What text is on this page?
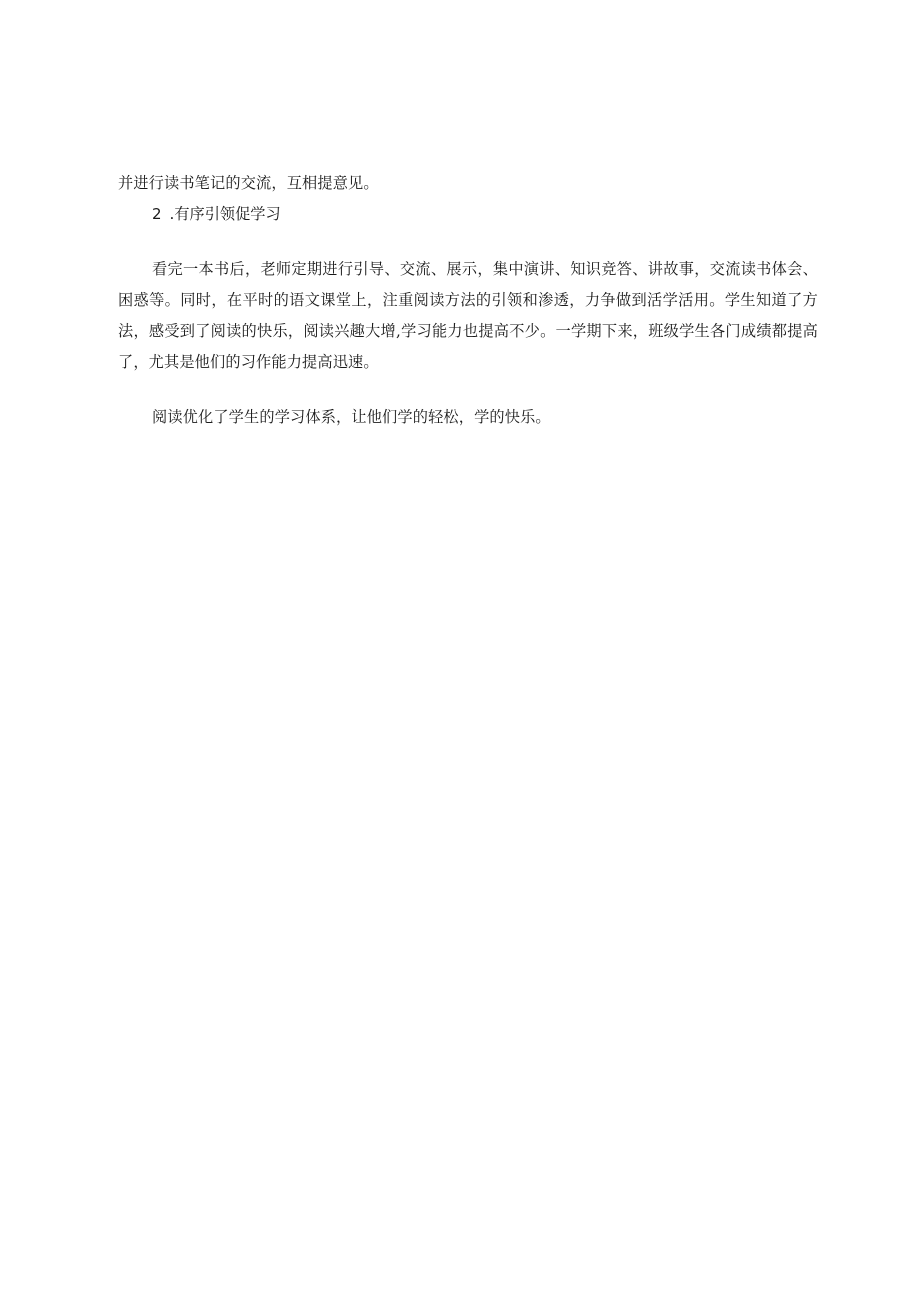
并进行读书笔记的交流，互相提意见。

2 .有序引领促学习

看完一本书后，老师定期进行引导、交流、展示，集中演讲、知识竞答、讲故事，交流读书体会、困惑等。同时，在平时的语文课堂上，注重阅读方法的引领和渗透，力争做到活学活用。学生知道了方法，感受到了阅读的快乐，阅读兴趣大增,学习能力也提高不少。一学期下来，班级学生各门成绩都提高了，尤其是他们的习作能力提高迅速。

阅读优化了学生的学习体系，让他们学的轻松，学的快乐。
